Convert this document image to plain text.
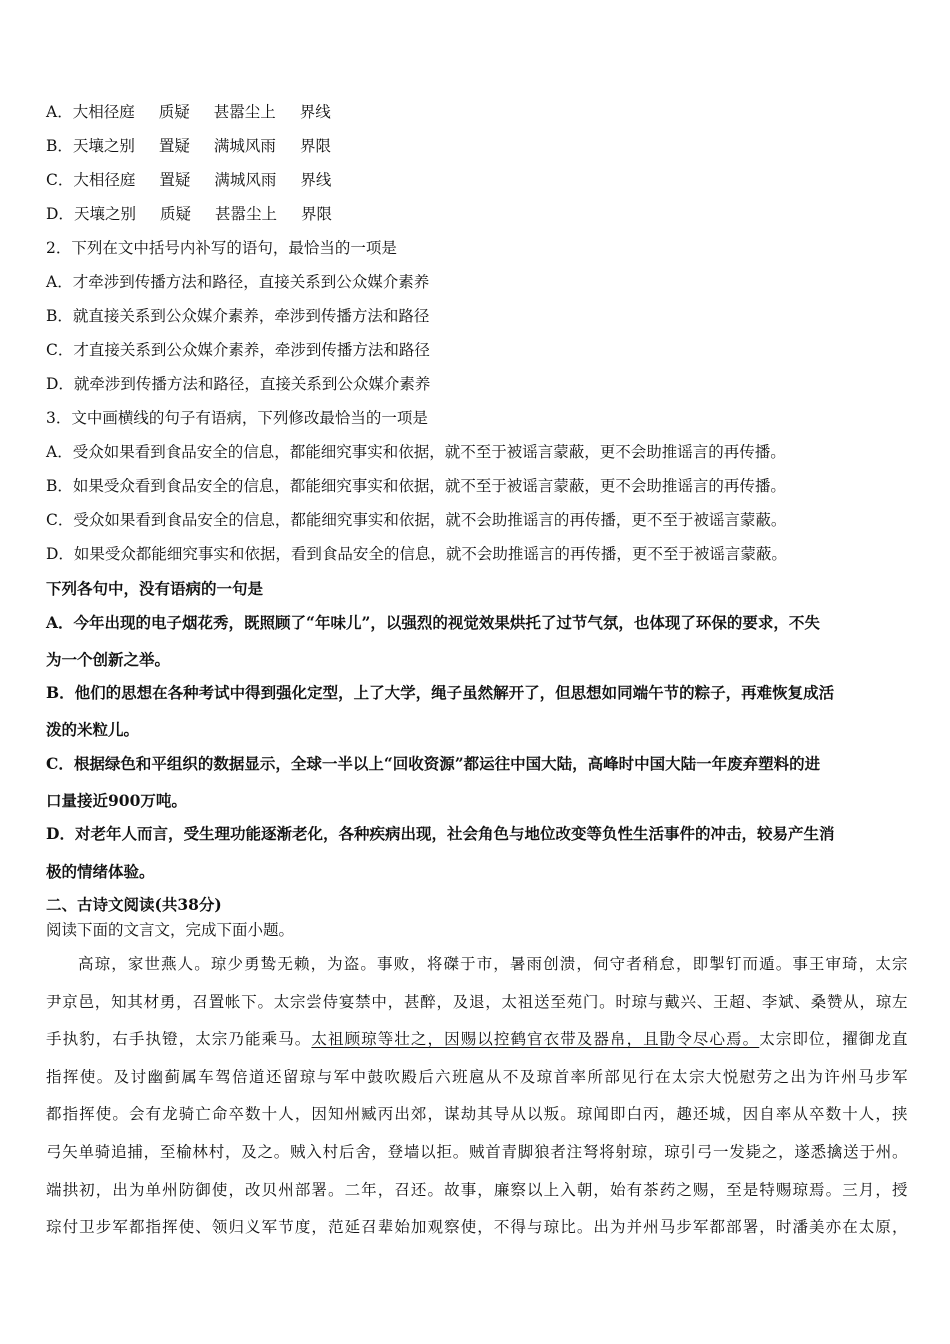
A．大相径庭 质疑 甚嚣尘上 界线
B．天壤之别 置疑 满城风雨 界限
C．大相径庭 置疑 满城风雨 界线
D．天壤之别 质疑 甚嚣尘上 界限
2．下列在文中括号内补写的语句，最恰当的一项是
A．才牵涉到传播方法和路径，直接关系到公众媒介素养
B．就直接关系到公众媒介素养，牵涉到传播方法和路径
C．才直接关系到公众媒介素养，牵涉到传播方法和路径
D．就牵涉到传播方法和路径，直接关系到公众媒介素养
3．文中画横线的句子有语病，下列修改最恰当的一项是
A．受众如果看到食品安全的信息，都能细究事实和依据，就不至于被谣言蒙蔽，更不会助推谣言的再传播。
B．如果受众看到食品安全的信息，都能细究事实和依据，就不至于被谣言蒙蔽，更不会助推谣言的再传播。
C．受众如果看到食品安全的信息，都能细究事实和依据，就不会助推谣言的再传播，更不至于被谣言蒙蔽。
D．如果受众都能细究事实和依据，看到食品安全的信息，就不会助推谣言的再传播，更不至于被谣言蒙蔽。
下列各句中，没有语病的一句是
A．今年出现的电子烟花秀，既照顾了“年味儿”，以强烈的视觉效果烘托了过节气氛，也体现了环保的要求，不失
为一个创新之举。
B．他们的思想在各种考试中得到强化定型，上了大学，绳子虽然解开了，但思想如同端午节的粽子，再难恢复成活
泼的米粒儿。
C．根据绿色和平组织的数据显示，全球一半以上“回收资源”都运往中国大陆，高峰时中国大陆一年废弃塑料的进
口量接近900万吨。
D．对老年人而言，受生理功能逐渐老化，各种疾病出现，社会角色与地位改变等负性生活事件的冲击，较易产生消
极的情绪体验。
二、古诗文阅读(共38分)
阅读下面的文言文，完成下面小题。

高琼，家世燕人。琼少勇鸷无赖，为盗。事败，将磔于市，暑雨创溃，伺守者稍怠，即掣钉而遁。事王审琦，太宗

尹京邑，知其材勇，召置帐下。太宗尝侍宴禁中，甚醉，及退，太祖送至苑门。时琼与戴兴、王超、李斌、桑赞从，琼左

手执豹，右手执镫，太宗乃能乘马。太祖顾琼等壮之，因赐以控鹤官衣带及器帛，且勖令尽心焉。太宗即位，擢御龙直

指挥使。及讨幽蓟属车驾倍道还留琼与军中鼓吹殿后六班扈从不及琼首率所部见行在太宗大悦慰劳之出为许州马步军

都指挥使。会有龙骑亡命卒数十人，因知州臧丙出郊，谋劫其导从以叛。琼闻即白丙，趣还城，因自率从卒数十人，挟

弓矢单骑追捕，至榆林村，及之。贼入村后舍，登墙以拒。贼首青脚狼者注弩将射琼，琼引弓一发毙之，遂悉擒送于州。

端拱初，出为单州防御使，改贝州部署。二年，召还。故事，廉察以上入朝，始有茶药之赐，至是特赐琼焉。三月，授

琮付卫步军都指挥使、领归义军节度，范延召辈始加观察使，不得与琼比。出为并州马步军都部署，时潘美亦在太原，
